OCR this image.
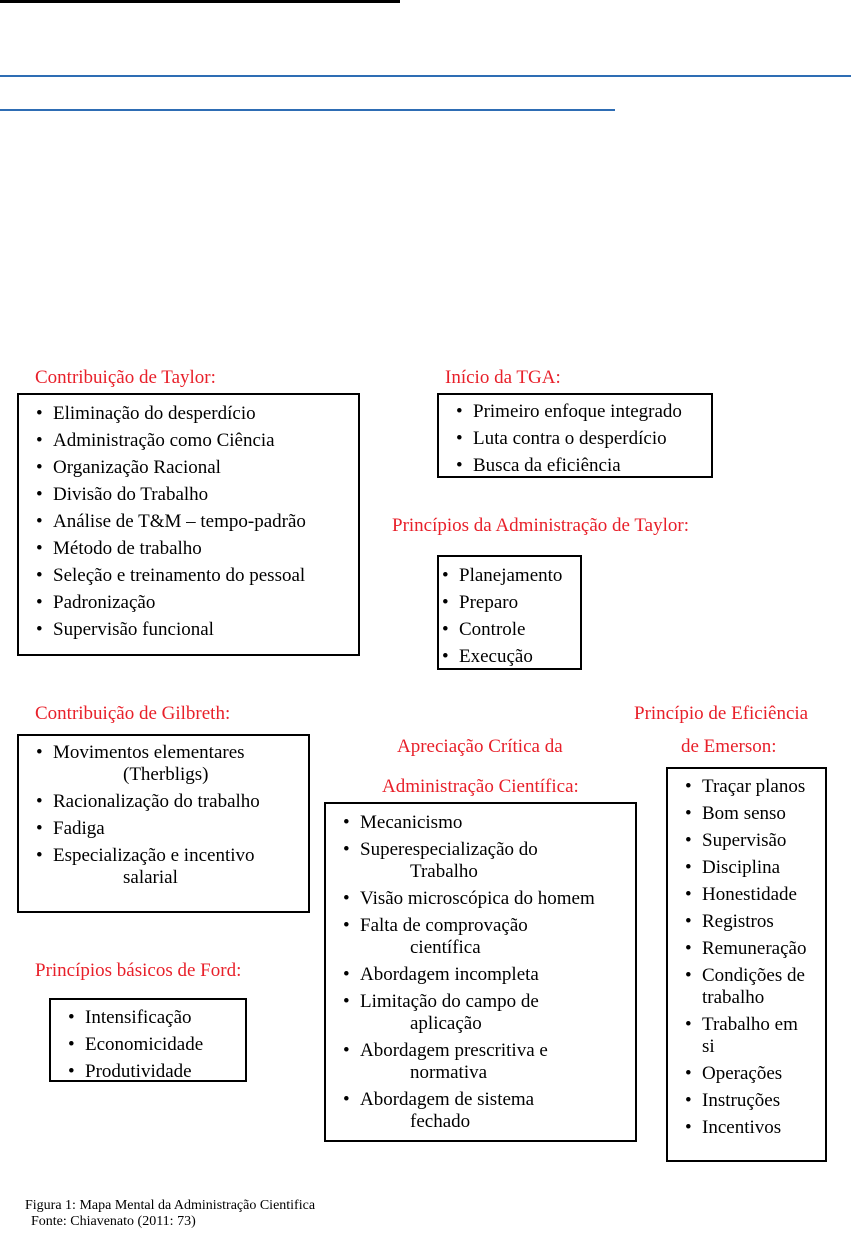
Contribuição de Taylor:
• Eliminação do desperdício
• Administração como Ciência
• Organização Racional
• Divisão do Trabalho
• Análise de T&M – tempo-padrão
• Método de trabalho
• Seleção e treinamento do pessoal
• Padronização
• Supervisão funcional
Início da TGA:
• Primeiro enfoque integrado
• Luta contra o desperdício
• Busca da eficiência
Princípios da Administração de Taylor:
• Planejamento
• Preparo
• Controle
• Execução
Contribuição de Gilbreth:
• Movimentos elementares
(Therbligs)
• Racionalização do trabalho
• Fadiga
• Especialização e incentivo
salarial
Apreciação Crítica da
Administração Científica:
• Mecanicismo
• Superespecialização do
Trabalho
• Visão microscópica do homem
• Falta de comprovação
científica
• Abordagem incompleta
• Limitação do campo de
aplicação
• Abordagem prescritiva e
normativa
• Abordagem de sistema
fechado
Princípio de Eficiência
de Emerson:
• Traçar planos
• Bom senso
• Supervisão
• Disciplina
• Honestidade
• Registros
• Remuneração
• Condições de
trabalho
• Trabalho em
si
• Operações
• Instruções
• Incentivos
Princípios básicos de Ford:
• Intensificação
• Economicidade
• Produtividade
Figura 1: Mapa Mental da Administração Cientifica
Fonte: Chiavenato (2011: 73)
